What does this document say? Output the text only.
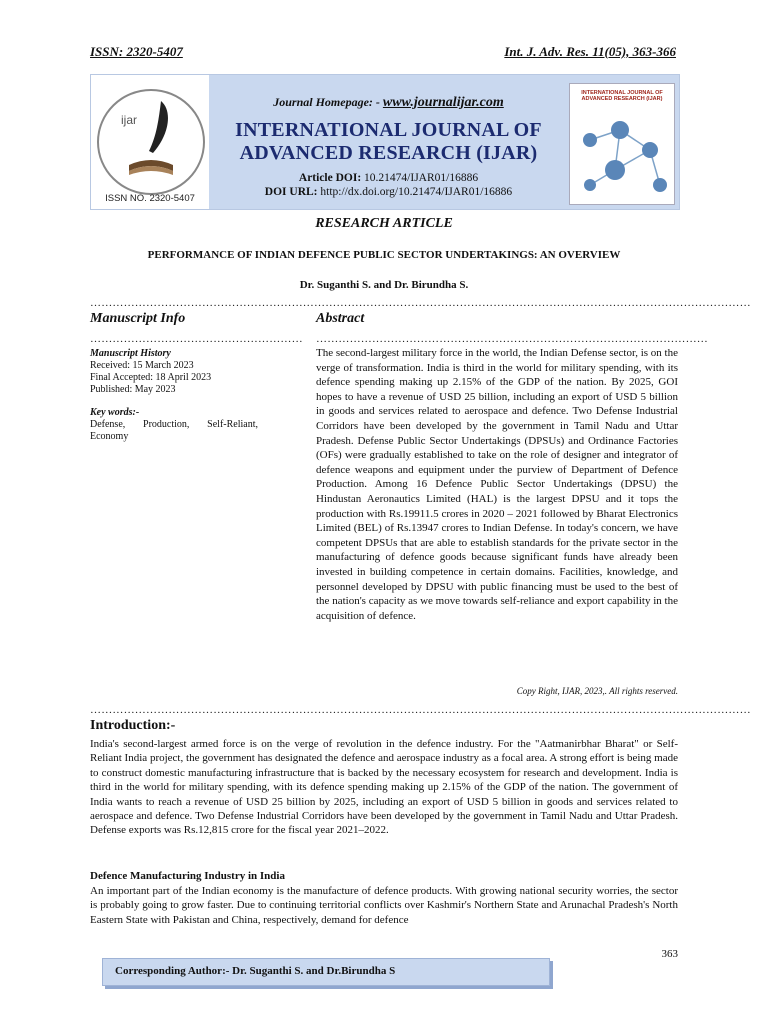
ISSN: 2320-5407	Int. J. Adv. Res. 11(05), 363-366
ijar
ISSN NO. 2320-5407
Journal Homepage: - www.journalijar.com
INTERNATIONAL JOURNAL OF
ADVANCED RESEARCH (IJAR)
Article DOI: 10.21474/IJAR01/16886
DOI URL: http://dx.doi.org/10.21474/IJAR01/16886
INTERNATIONAL JOURNAL OF ADVANCED RESEARCH (IJAR)
RESEARCH ARTICLE
PERFORMANCE OF INDIAN DEFENCE PUBLIC SECTOR UNDERTAKINGS: AN OVERVIEW
Dr. Suganthi S. and Dr. Birundha S.
……………………………………………………………………………………………………………………………………………………………
Manuscript Info	Abstract
………………………………………………… ……………………………………………………………………………………………
Manuscript History
Received: 15 March 2023
Final Accepted: 18 April 2023
Published: May 2023
Key words:-
Defense, Production, Self-Reliant, Economy
The second-largest military force in the world, the Indian Defense sector, is on the verge of transformation. India is third in the world for military spending, with its defence spending making up 2.15% of the GDP of the nation. By 2025, GOI hopes to have a revenue of USD 25 billion, including an export of USD 5 billion in goods and services related to aerospace and defence. Two Defense Industrial Corridors have been developed by the government in Tamil Nadu and Uttar Pradesh. Defense Public Sector Undertakings (DPSUs) and Ordinance Factories (OFs) were gradually established to take on the role of designer and integrator of defence weapons and equipment under the purview of Department of Defence Production. Among 16 Defence Public Sector Undertakings (DPSU) the Hindustan Aeronautics Limited (HAL) is the largest DPSU and it tops the production with Rs.19911.5 crores in 2020 – 2021 followed by Bharat Electronics Limited (BEL) of Rs.13947 crores to Indian Defense. In today's concern, we have competent DPSUs that are able to establish standards for the private sector in the manufacturing of defence goods because significant funds have already been invested in building competence in certain domains. Facilities, knowledge, and personnel developed by DPSU with public financing must be used to the best of the nation's capacity as we move towards self-reliance and export capability in the acquisition of defence.
Copy Right, IJAR, 2023,. All rights reserved.
……………………………………………………………………………………………………………………………………………………………
Introduction:-
India's second-largest armed force is on the verge of revolution in the defence industry. For the "Aatmanirbhar Bharat" or Self-Reliant India project, the government has designated the defence and aerospace industry as a focal area. A strong effort is being made to construct domestic manufacturing infrastructure that is backed by the necessary ecosystem for research and development. India is third in the world for military spending, with its defence spending making up 2.15% of the GDP of the nation. The government of India wants to reach a revenue of USD 25 billion by 2025, including an export of USD 5 billion in goods and services related to aerospace and defence. Two Defense Industrial Corridors have been developed by the government in Tamil Nadu and Uttar Pradesh. Defense exports was Rs.12,815 crore for the fiscal year 2021–2022.
Defence Manufacturing Industry in India
An important part of the Indian economy is the manufacture of defence products. With growing national security worries, the sector is probably going to grow faster. Due to continuing territorial conflicts over Kashmir's Northern State and Arunachal Pradesh's North Eastern State with Pakistan and China, respectively, demand for defence
363
Corresponding Author:- Dr. Suganthi S. and Dr.Birundha S
